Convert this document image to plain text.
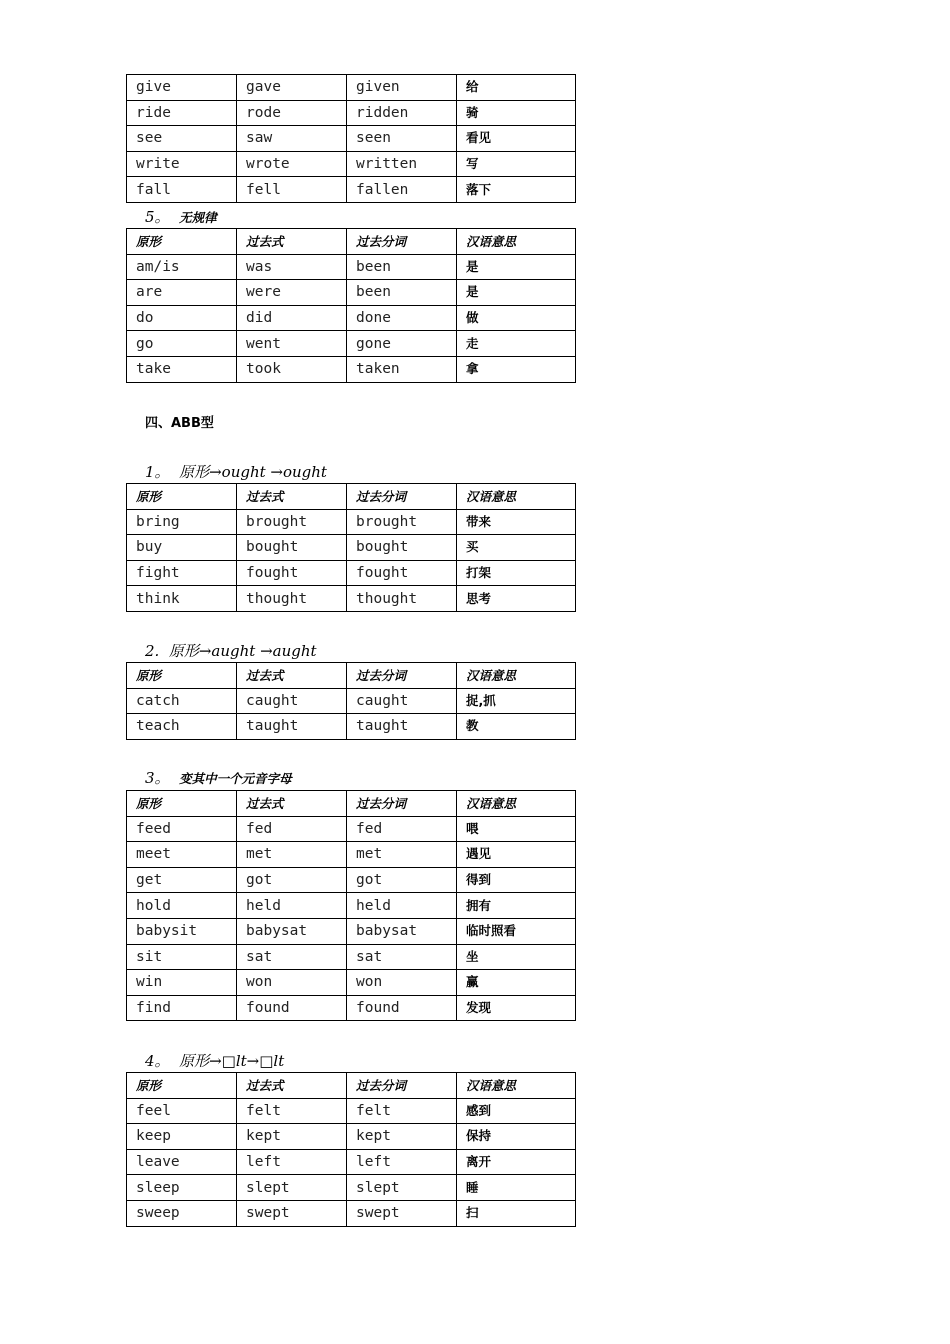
give	gave	given	给
ride	rode	ridden	骑
see	saw	seen	看见
write	wrote	written	写
fall	fell	fallen	落下
5。 无规律
原形	过去式	过去分词	汉语意思
am/is	was	been	是
are	were	been	是
do	did	done	做
go	went	gone	走
take	took	taken	拿
四、ABB型
1。 原形→ought →ought
原形	过去式	过去分词	汉语意思
bring	brought	brought	带来
buy	bought	bought	买
fight	fought	fought	打架
think	thought	thought	思考
2. 原形→aught →aught
原形	过去式	过去分词	汉语意思
catch	caught	caught	捉,抓
teach	taught	taught	教
3。 变其中一个元音字母
原形	过去式	过去分词	汉语意思
feed	fed	fed	喂
meet	met	met	遇见
get	got	got	得到
hold	held	held	拥有
babysit	babysat	babysat	临时照看
sit	sat	sat	坐
win	won	won	赢
find	found	found	发现
4。 原形→□lt→□lt
原形	过去式	过去分词	汉语意思
feel	felt	felt	感到
keep	kept	kept	保持
leave	left	left	离开
sleep	slept	slept	睡
sweep	swept	swept	扫
